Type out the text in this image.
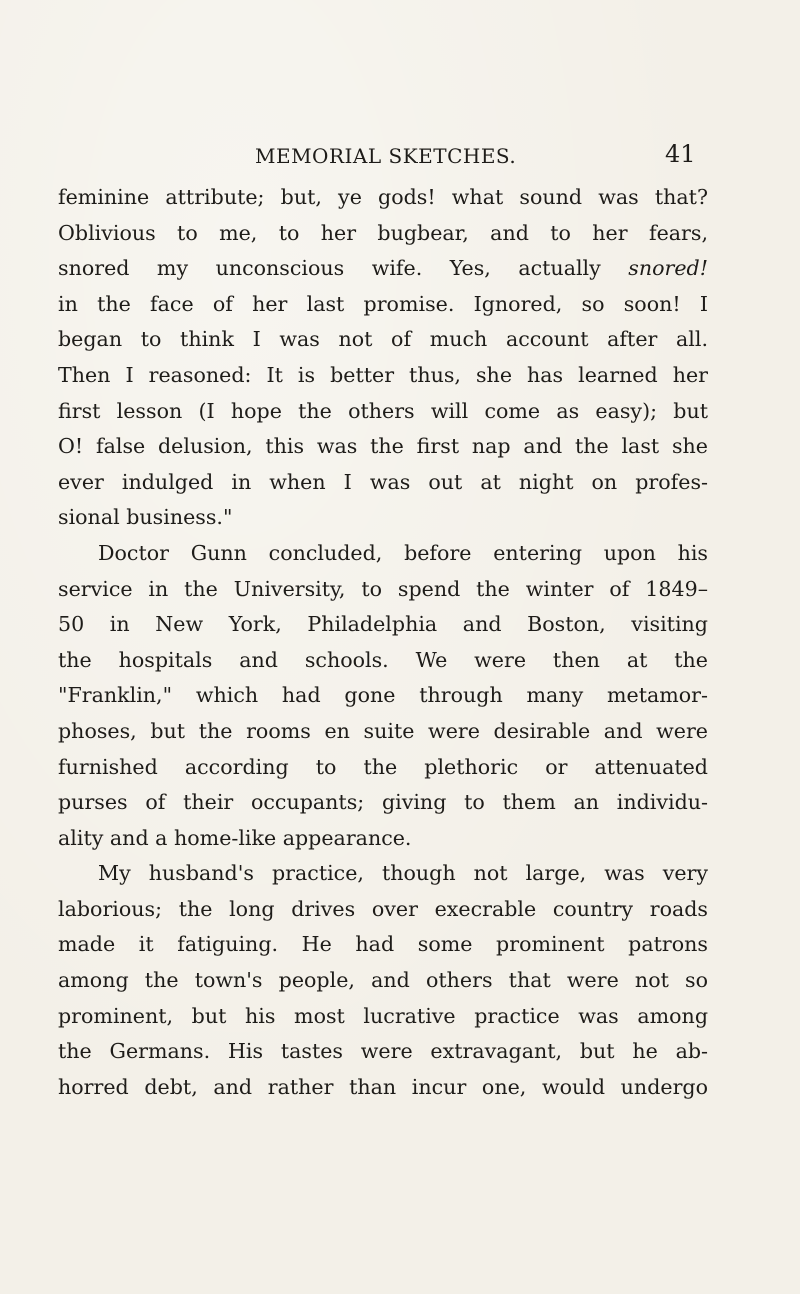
MEMORIAL SKETCHES.	41
feminine attribute; but, ye gods! what sound was that?
Oblivious to me, to her bugbear, and to her fears,
snored my unconscious wife. Yes, actually snored!
in the face of her last promise. Ignored, so soon! I
began to think I was not of much account after all.
Then I reasoned: It is better thus, she has learned her
first lesson (I hope the others will come as easy); but
O! false delusion, this was the first nap and the last she
ever indulged in when I was out at night on profes-
sional business."
Doctor Gunn concluded, before entering upon his
service in the University, to spend the winter of 1849–
50 in New York, Philadelphia and Boston, visiting
the hospitals and schools. We were then at the
"Franklin," which had gone through many metamor-
phoses, but the rooms en suite were desirable and were
furnished according to the plethoric or attenuated
purses of their occupants; giving to them an individu-
ality and a home-like appearance.
My husband's practice, though not large, was very
laborious; the long drives over execrable country roads
made it fatiguing. He had some prominent patrons
among the town's people, and others that were not so
prominent, but his most lucrative practice was among
the Germans. His tastes were extravagant, but he ab-
horred debt, and rather than incur one, would undergo
